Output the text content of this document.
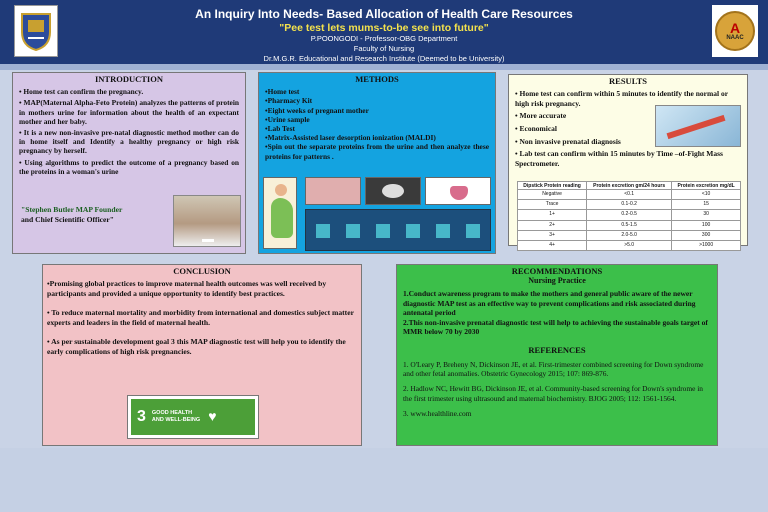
An Inquiry Into Needs- Based Allocation of Health Care Resources
"Pee test lets mums-to-be see into future"
P.POONGODI - Professor-OBG Department
Faculty of Nursing
Dr.M.G.R. Educational and Research Institute (Deemed to be University)
A
NAAC
INTRODUCTION
• Home test can confirm the pregnancy.
• MAP(Maternal Alpha-Feto Protein) analyzes the patterns of protein in mothers urine for information about the health of an expectant mother and her baby.
• It is a new non-invasive pre-natal diagnostic method mother can do in home itself and Identify a healthy pregnancy or high risk pregnancy by herself.
• Using algorithms to predict the outcome of a pregnancy based on the proteins in a woman's urine
"Stephen Butler MAP Founder
and Chief Scientific Officer"
METHODS
•Home test
•Pharmacy Kit
•Eight weeks of pregnant mother
•Urine sample
•Lab Test
•Matrix-Assisted laser desorption ionization (MALDI)
•Spin out the separate proteins from the urine and then analyze these proteins for patterns .
RESULTS
• Home test can confirm within 5 minutes to identify the normal or high risk pregnancy.
• More accurate
• Economical
• Non invasive prenatal diagnosis
• Lab test can confirm within 15 minutes by Time –of-Fight Mass Spectrometer.
Dipstick Protein reading	Protein excretion gm/24 hours	Protein excretion mg/dL
Negative	<0.1	<10
Trace	0.1-0.2	15
1+	0.2-0.5	30
2+	0.5-1.5	100
3+	2.0-5.0	300
4+	>5.0	>1000
CONCLUSION

•Promising global practices to improve maternal health outcomes was well received by participants and provided a unique opportunity to identify best practices.

• To reduce maternal mortality and morbidity from international and domestics subject matter experts and leaders in the field of maternal health.

• As per sustainable development goal 3 this MAP diagnostic test will help you to identify the early complications of high risk pregnancies.

3 GOOD HEALTH
AND WELL-BEING ♥
RECOMMENDATIONS
Nursing Practice

1.Conduct awareness program to make the mothers and general public aware of the newer diagnostic MAP test as an effective way to prevent complications and risk associated during antenatal period

2.This non-invasive prenatal diagnostic test will help to achieving the sustainable goals target of MMR below 70 by 2030

REFERENCES

1. O'Leary P, Breheny N, Dickinson JE, et al. First-trimester combined screening for Down syndrome and other fetal anomalies. Obstetric Gynecology 2015; 107: 869-876.

2. Hadlow NC, Hewitt BG, Dickinson JE, et al. Community-based screening for Down's syndrome in the first trimester using ultrasound and maternal biochemistry. BJOG 2005; 112: 1561-1564.

3. www.healthline.com
